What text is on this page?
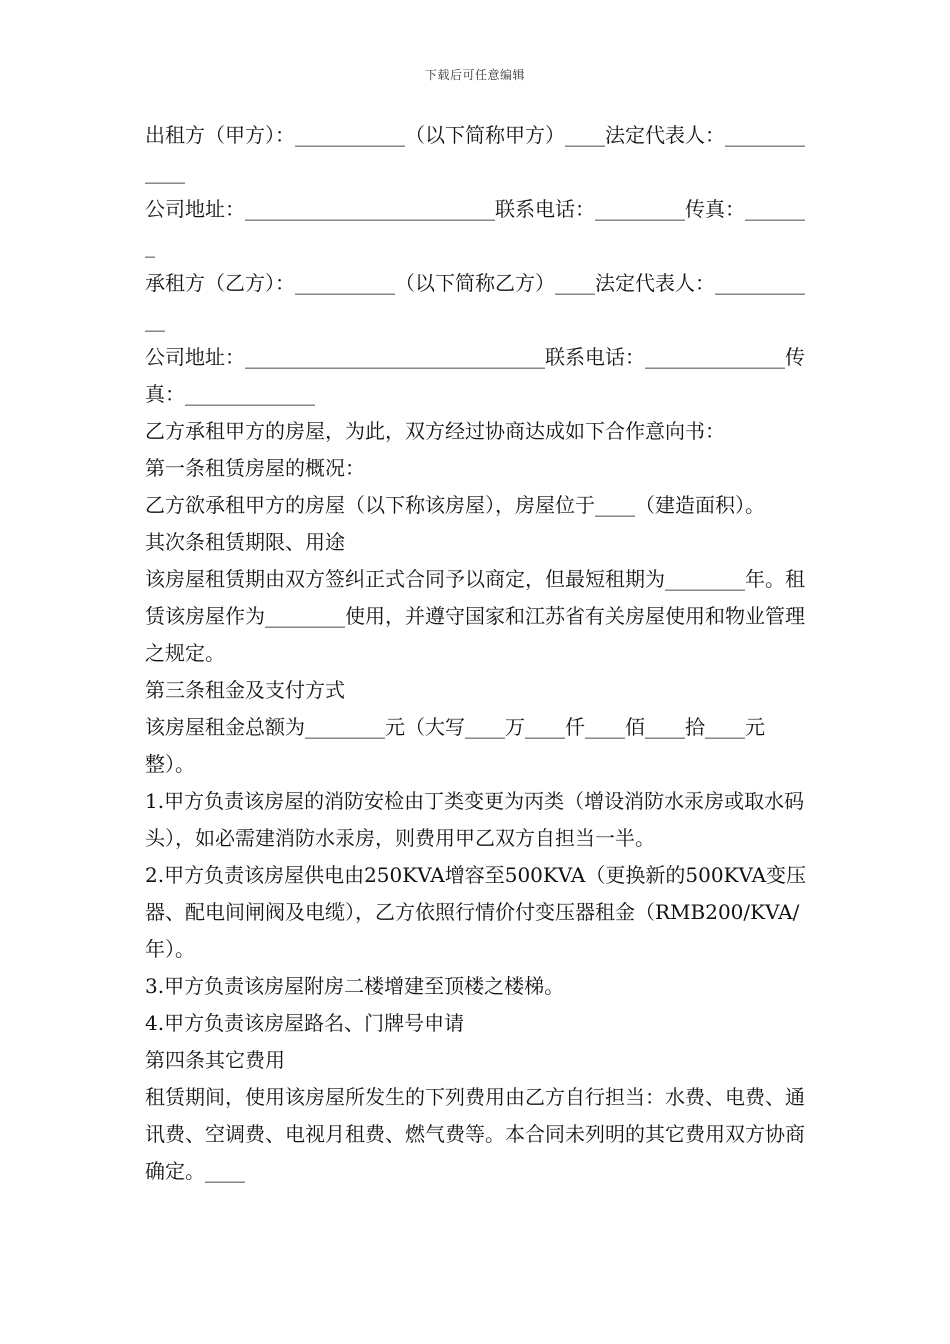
下载后可任意编辑

出租方（甲方）：___________（以下简称甲方）____法定代表人：____________

公司地址：_________________________联系电话：_________传真：_______

承租方（乙方）：__________（以下简称乙方）____法定代表人：___________

公司地址：______________________________联系电话：______________传真：_____________

乙方承租甲方的房屋，为此，双方经过协商达成如下合作意向书：

第一条租赁房屋的概况：

乙方欲承租甲方的房屋（以下称该房屋），房屋位于____（建造面积）。

其次条租赁期限、用途

该房屋租赁期由双方签纠正式合同予以商定，但最短租期为________年。租赁该房屋作为________使用，并遵守国家和江苏省有关房屋使用和物业管理之规定。

第三条租金及支付方式

该房屋租金总额为________元（大写____万____仟____佰____拾____元整）。

1.甲方负责该房屋的消防安检由丁类变更为丙类（增设消防水汞房或取水码头），如必需建消防水汞房，则费用甲乙双方自担当一半。

2.甲方负责该房屋供电由250KVA增容至500KVA（更换新的500KVA变压器、配电间闸阀及电缆），乙方依照行情价付变压器租金（RMB200/KVA/年）。

3.甲方负责该房屋附房二楼增建至顶楼之楼梯。

4.甲方负责该房屋路名、门牌号申请

第四条其它费用

租赁期间，使用该房屋所发生的下列费用由乙方自行担当：水费、电费、通讯费、空调费、电视月租费、燃气费等。本合同未列明的其它费用双方协商确定。____
